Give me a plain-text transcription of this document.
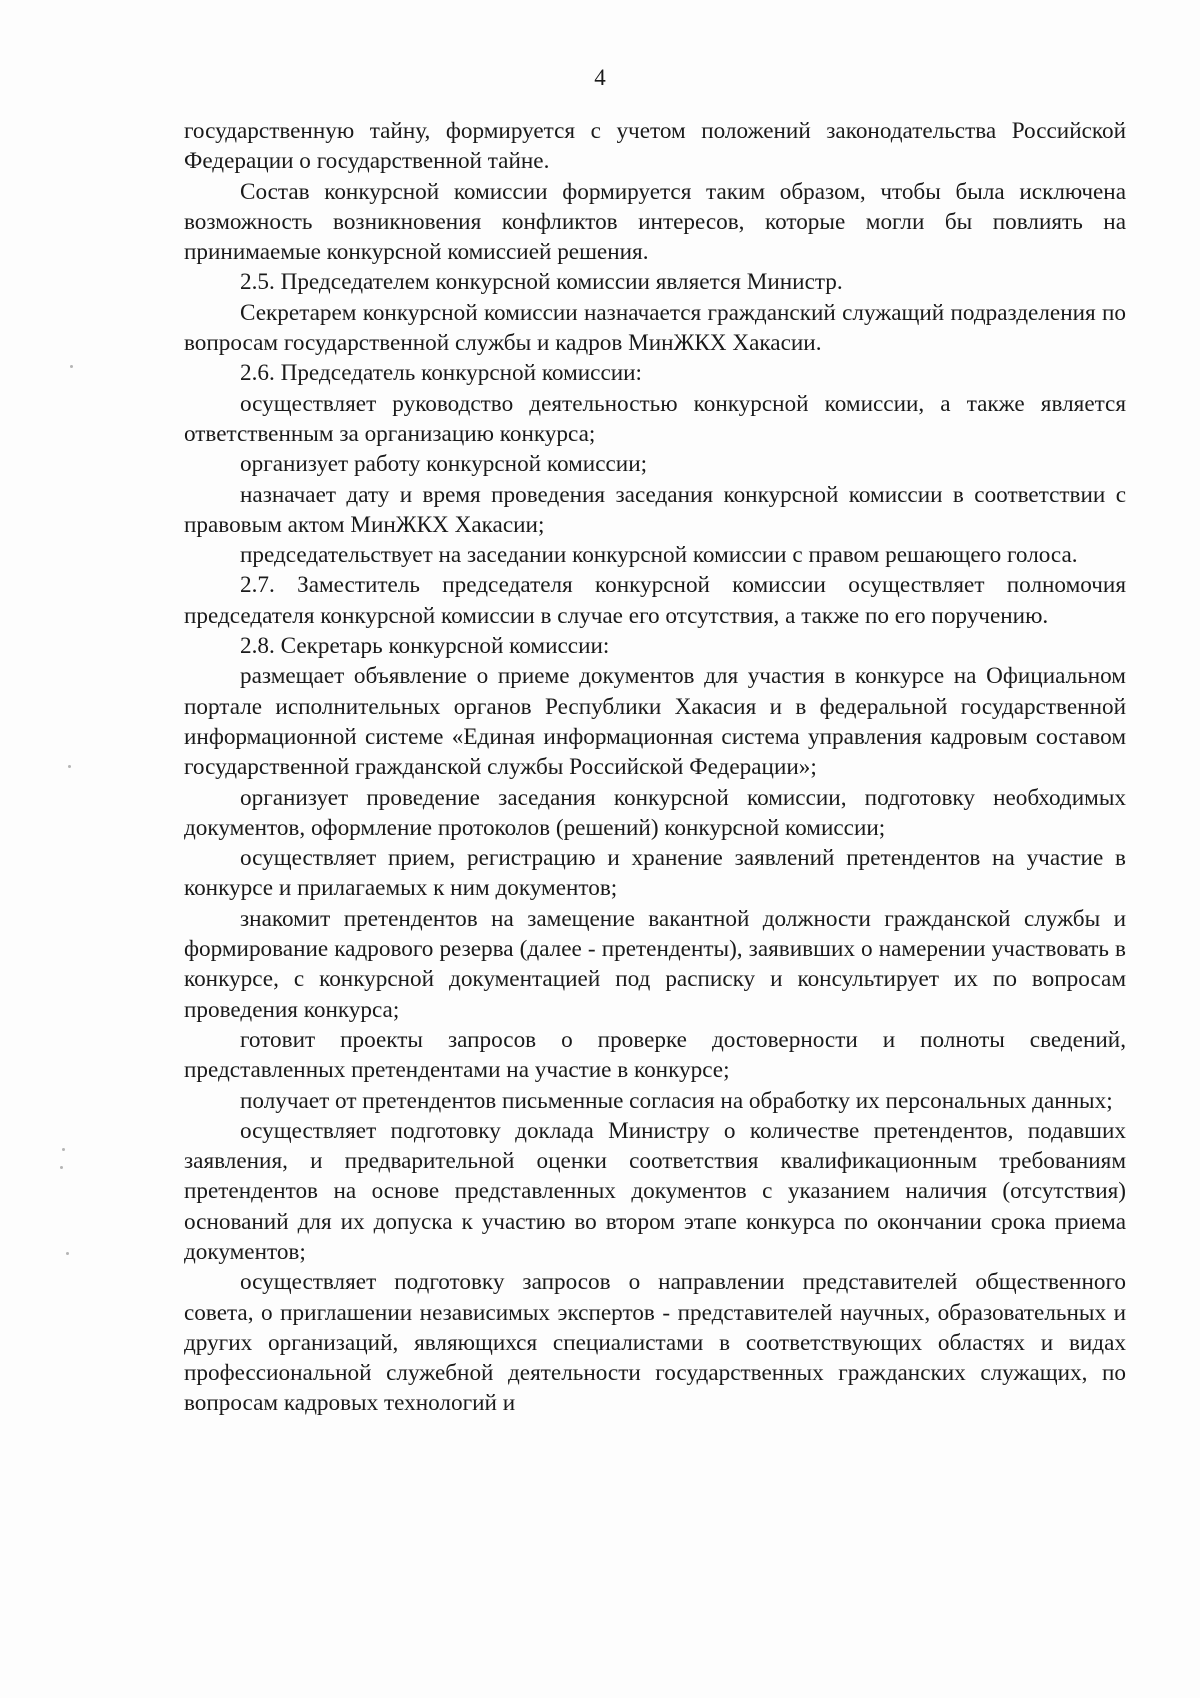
4

государственную тайну, формируется с учетом положений законодательства Российской Федерации о государственной тайне.

Состав конкурсной комиссии формируется таким образом, чтобы была исключена возможность возникновения конфликтов интересов, которые могли бы повлиять на принимаемые конкурсной комиссией решения.

2.5. Председателем конкурсной комиссии является Министр.

Секретарем конкурсной комиссии назначается гражданский служащий подразделения по вопросам государственной службы и кадров МинЖКХ Хакасии.

2.6. Председатель конкурсной комиссии:

осуществляет руководство деятельностью конкурсной комиссии, а также является ответственным за организацию конкурса;

организует работу конкурсной комиссии;

назначает дату и время проведения заседания конкурсной комиссии в соответствии с правовым актом МинЖКХ Хакасии;

председательствует на заседании конкурсной комиссии с правом решающего голоса.

2.7. Заместитель председателя конкурсной комиссии осуществляет полномочия председателя конкурсной комиссии в случае его отсутствия, а также по его поручению.

2.8. Секретарь конкурсной комиссии:

размещает объявление о приеме документов для участия в конкурсе на Официальном портале исполнительных органов Республики Хакасия и в федеральной государственной информационной системе «Единая информационная система управления кадровым составом государственной гражданской службы Российской Федерации»;

организует проведение заседания конкурсной комиссии, подготовку необходимых документов, оформление протоколов (решений) конкурсной комиссии;

осуществляет прием, регистрацию и хранение заявлений претендентов на участие в конкурсе и прилагаемых к ним документов;

знакомит претендентов на замещение вакантной должности гражданской службы и формирование кадрового резерва (далее - претенденты), заявивших о намерении участвовать в конкурсе, с конкурсной документацией под расписку и консультирует их по вопросам проведения конкурса;

готовит проекты запросов о проверке достоверности и полноты сведений, представленных претендентами на участие в конкурсе;

получает от претендентов письменные согласия на обработку их персональных данных;

осуществляет подготовку доклада Министру о количестве претендентов, подавших заявления, и предварительной оценки соответствия квалификационным требованиям претендентов на основе представленных документов с указанием наличия (отсутствия) оснований для их допуска к участию во втором этапе конкурса по окончании срока приема документов;

осуществляет подготовку запросов о направлении представителей общественного совета, о приглашении независимых экспертов - представителей научных, образовательных и других организаций, являющихся специалистами в соответствующих областях и видах профессиональной служебной деятельности государственных гражданских служащих, по вопросам кадровых технологий и
